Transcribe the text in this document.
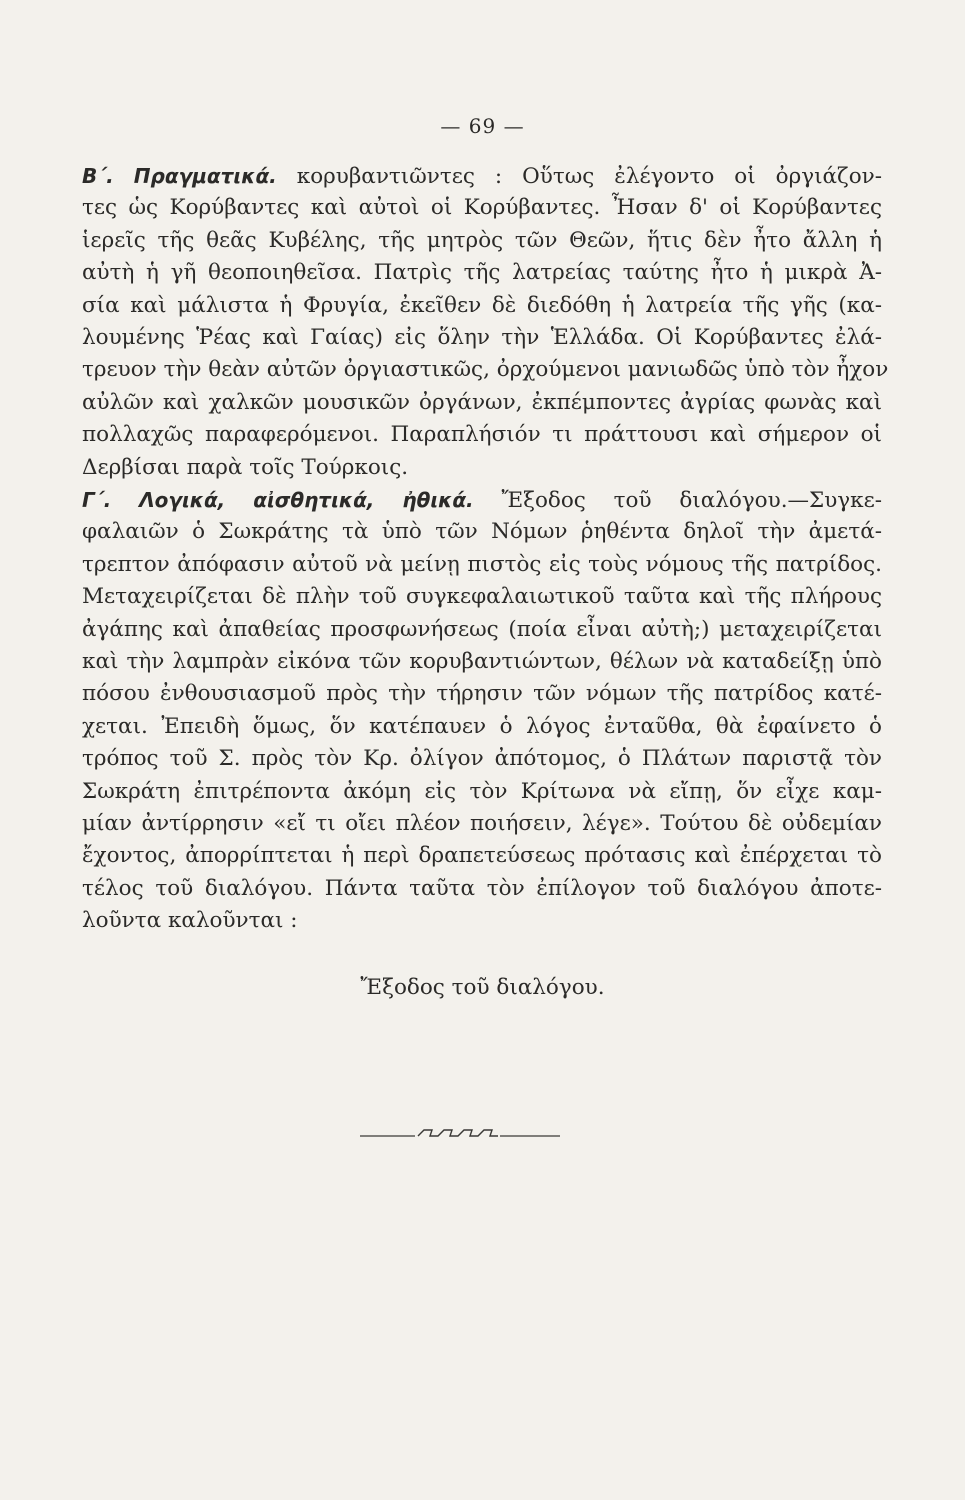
— 69 —
Β΄. Πραγματικά. κορυβαντιῶντες : Οὕτως ἐλέγοντο οἱ ὀργιάζον-
τες ὡς Κορύβαντες καὶ αὐτοὶ οἱ Κορύβαντες. Ἦσαν δ' οἱ Κορύβαντες
ἱερεῖς τῆς θεᾶς Κυβέλης, τῆς μητρὸς τῶν Θεῶν, ἥτις δὲν ἦτο ἄλλη ἡ
αὐτὴ ἡ γῆ θεοποιηθεῖσα. Πατρὶς τῆς λατρείας ταύτης ἦτο ἡ μικρὰ Ἀ-
σία καὶ μάλιστα ἡ Φρυγία, ἐκεῖθεν δὲ διεδόθη ἡ λατρεία τῆς γῆς (κα-
λουμένης Ῥέας καὶ Γαίας) εἰς ὅλην τὴν Ἑλλάδα. Οἱ Κορύβαντες ἐλά-
τρευον τὴν θεὰν αὐτῶν ὀργιαστικῶς, ὀρχούμενοι μανιωδῶς ὑπὸ τὸν ἦχον
αὐλῶν καὶ χαλκῶν μουσικῶν ὀργάνων, ἐκπέμποντες ἀγρίας φωνὰς καὶ
πολλαχῶς παραφερόμενοι. Παραπλήσιόν τι πράττουσι καὶ σήμερον οἱ
Δερβίσαι παρὰ τοῖς Τούρκοις.
Γ΄. Λογικά, αἰσθητικά, ἠθικά. Ἔξοδος τοῦ διαλόγου.—Συγκε-
φαλαιῶν ὁ Σωκράτης τὰ ὑπὸ τῶν Νόμων ῥηθέντα δηλοῖ τὴν ἀμετά-
τρεπτον ἀπόφασιν αὐτοῦ νὰ μείνῃ πιστὸς εἰς τοὺς νόμους τῆς πατρίδος.
Μεταχειρίζεται δὲ πλὴν τοῦ συγκεφαλαιωτικοῦ ταῦτα καὶ τῆς πλήρους
ἀγάπης καὶ ἀπαθείας προσφωνήσεως (ποία εἶναι αὐτὴ;) μεταχειρίζεται
καὶ τὴν λαμπρὰν εἰκόνα τῶν κορυβαντιώντων, θέλων νὰ καταδείξῃ ὑπὸ
πόσου ἐνθουσιασμοῦ πρὸς τὴν τήρησιν τῶν νόμων τῆς πατρίδος κατέ-
χεται. Ἐπειδὴ ὅμως, ὅν κατέπαυεν ὁ λόγος ἐνταῦθα, θὰ ἐφαίνετο ὁ
τρόπος τοῦ Σ. πρὸς τὸν Κρ. ὀλίγον ἀπότομος, ὁ Πλάτων παριστᾷ τὸν
Σωκράτη ἐπιτρέποντα ἀκόμη εἰς τὸν Κρίτωνα νὰ εἴπῃ, ὅν εἶχε καμ-
μίαν ἀντίρρησιν «εἴ τι οἴει πλέον ποιήσειν, λέγε». Τούτου δὲ οὐδεμίαν
ἔχοντος, ἀπορρίπτεται ἡ περὶ δραπετεύσεως πρότασις καὶ ἐπέρχεται τὸ
τέλος τοῦ διαλόγου. Πάντα ταῦτα τὸν ἐπίλογον τοῦ διαλόγου ἀποτε-
λοῦντα καλοῦνται :
Ἔξοδος τοῦ διαλόγου.
